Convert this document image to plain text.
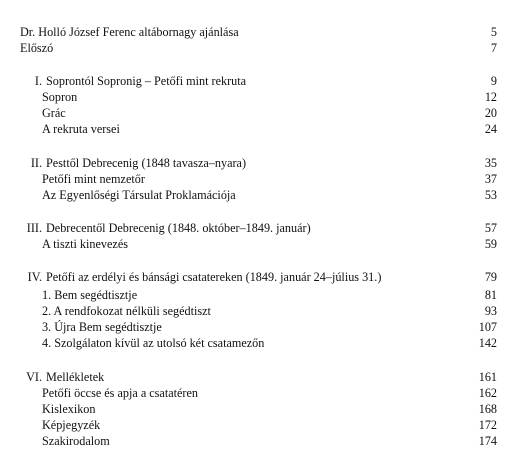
Dr. Holló József Ferenc altábornagy ajánlása	5
Előszó	7
I. Soprontól Sopronig – Petőfi mint rekruta	9
Sopron	12
Grác	20
A rekruta versei	24
II. Pesttől Debrecenig (1848 tavasza–nyara)	35
Petőfi mint nemzetőr	37
Az Egyenlőségi Társulat Proklamációja	53
III. Debrecentől Debrecenig (1848. október–1849. január)	57
A tiszti kinevezés	59
IV. Petőfi az erdélyi és bánsági csatatereken (1849. január 24–július 31.)	79
1. Bem segédtisztje	81
2. A rendfokozat nélküli segédtiszt	93
3. Újra Bem segédtisztje	107
4. Szolgálaton kívül az utolsó két csatamezőn	142
VI. Mellékletek	161
Petőfi öccse és apja a csatatéren	162
Kislexikon	168
Képjegyzék	172
Szakirodalom	174
